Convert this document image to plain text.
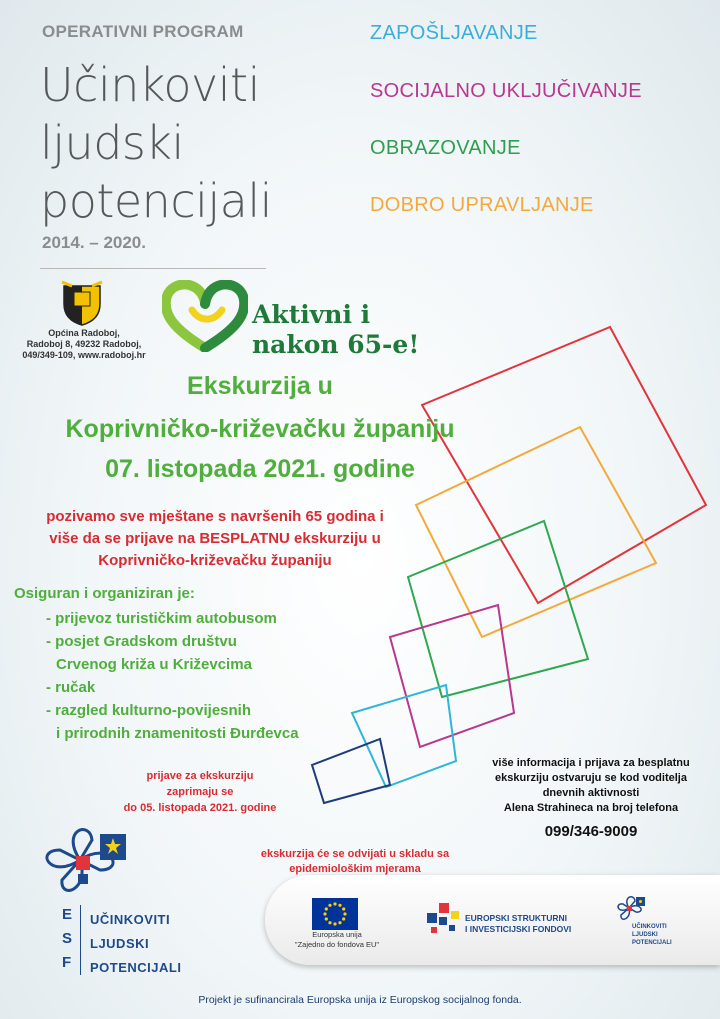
OPERATIVNI PROGRAM
Učinkoviti
ljudski
potencijali
2014. – 2020.
ZAPOŠLJAVANJE
SOCIJALNO UKLJUČIVANJE
OBRAZOVANJE
DOBRO UPRAVLJANJE
Općina Radoboj,
Radoboj 8, 49232 Radoboj,
049/349-109, www.radoboj.hr
Aktivni i
nakon 65-e!
Ekskurzija u
Koprivničko-križevačku županiju
07. listopada 2021. godine
pozivamo sve mještane s navršenih 65 godina i
više da se prijave na BESPLATNU ekskurziju u
Koprivničko-križevačku županiju
Osiguran i organiziran je:
- prijevoz turističkim autobusom
- posjet Gradskom društvu
Crvenog križa u Križevcima
- ručak
- razgled kulturno-povijesnih
i prirodnih znamenitosti Đurđevca
prijave za ekskurziju zaprimaju se
do 05. listopada 2021. godine
više informacija i prijava za besplatnu
ekskurziju ostvaruju se kod voditelja
dnevnih aktivnosti
Alena Strahineca na broj telefona
099/346-9009
ekskurzija će se odvijati u skladu sa
epidemiološkim mjerama
E
S
F
UČINKOVITI
LJUDSKI
POTENCIJALI
Europska unija
"Zajedno do fondova EU"
EUROPSKI STRUKTURNI
I INVESTICIJSKI FONDOVI	UČINKOVITI
LJUDSKI
POTENCIJALI
Projekt je sufinancirala Europska unija iz Europskog socijalnog fonda.
